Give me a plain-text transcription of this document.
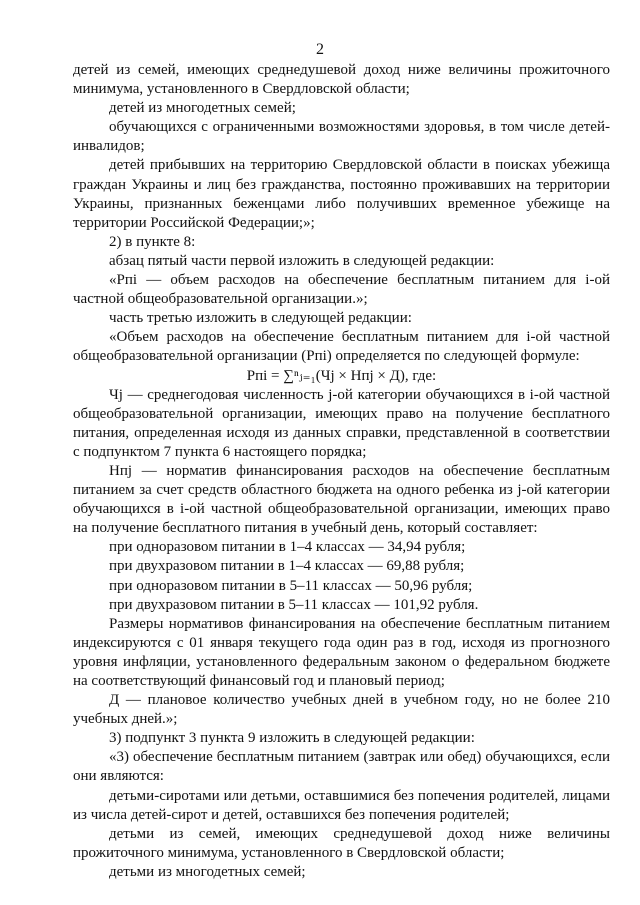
2

детей из семей, имеющих среднедушевой доход ниже величины прожиточного минимума, установленного в Свердловской области;

детей из многодетных семей;

обучающихся с ограниченными возможностями здоровья, в том числе детей-инвалидов;

детей прибывших на территорию Свердловской области в поисках убежища граждан Украины и лиц без гражданства, постоянно проживавших на территории Украины, признанных беженцами либо получивших временное убежище на территории Российской Федерации;»;

2) в пункте 8:

абзац пятый части первой изложить в следующей редакции:

«Pпi — объем расходов на обеспечение бесплатным питанием для i-ой частной общеобразовательной организации.»;

часть третью изложить в следующей редакции:

«Объем расходов на обеспечение бесплатным питанием для i-ой частной общеобразовательной организации (Рпi) определяется по следующей формуле:

Рпi = ∑ⁿⱼ₌₁(Чj × Нпj × Д), где:

Чj — среднегодовая численность j-ой категории обучающихся в i-ой частной общеобразовательной организации, имеющих право на получение бесплатного питания, определенная исходя из данных справки, представленной в соответствии с подпунктом 7 пункта 6 настоящего порядка;

Нпj — норматив финансирования расходов на обеспечение бесплатным питанием за счет средств областного бюджета на одного ребенка из j-ой категории обучающихся в i-ой частной общеобразовательной организации, имеющих право на получение бесплатного питания в учебный день, который составляет:

при одноразовом питании в 1–4 классах — 34,94 рубля;

при двухразовом питании в 1–4 классах — 69,88 рубля;

при одноразовом питании в 5–11 классах — 50,96 рубля;

при двухразовом питании в 5–11 классах — 101,92 рубля.

Размеры нормативов финансирования на обеспечение бесплатным питанием индексируются с 01 января текущего года один раз в год, исходя из прогнозного уровня инфляции, установленного федеральным законом о федеральном бюджете на соответствующий финансовый год и плановый период;

Д — плановое количество учебных дней в учебном году, но не более 210 учебных дней.»;

3) подпункт 3 пункта 9 изложить в следующей редакции:

«3) обеспечение бесплатным питанием (завтрак или обед) обучающихся, если они являются:

детьми-сиротами или детьми, оставшимися без попечения родителей, лицами из числа детей-сирот и детей, оставшихся без попечения родителей;

детьми из семей, имеющих среднедушевой доход ниже величины прожиточного минимума, установленного в Свердловской области;

детьми из многодетных семей;
